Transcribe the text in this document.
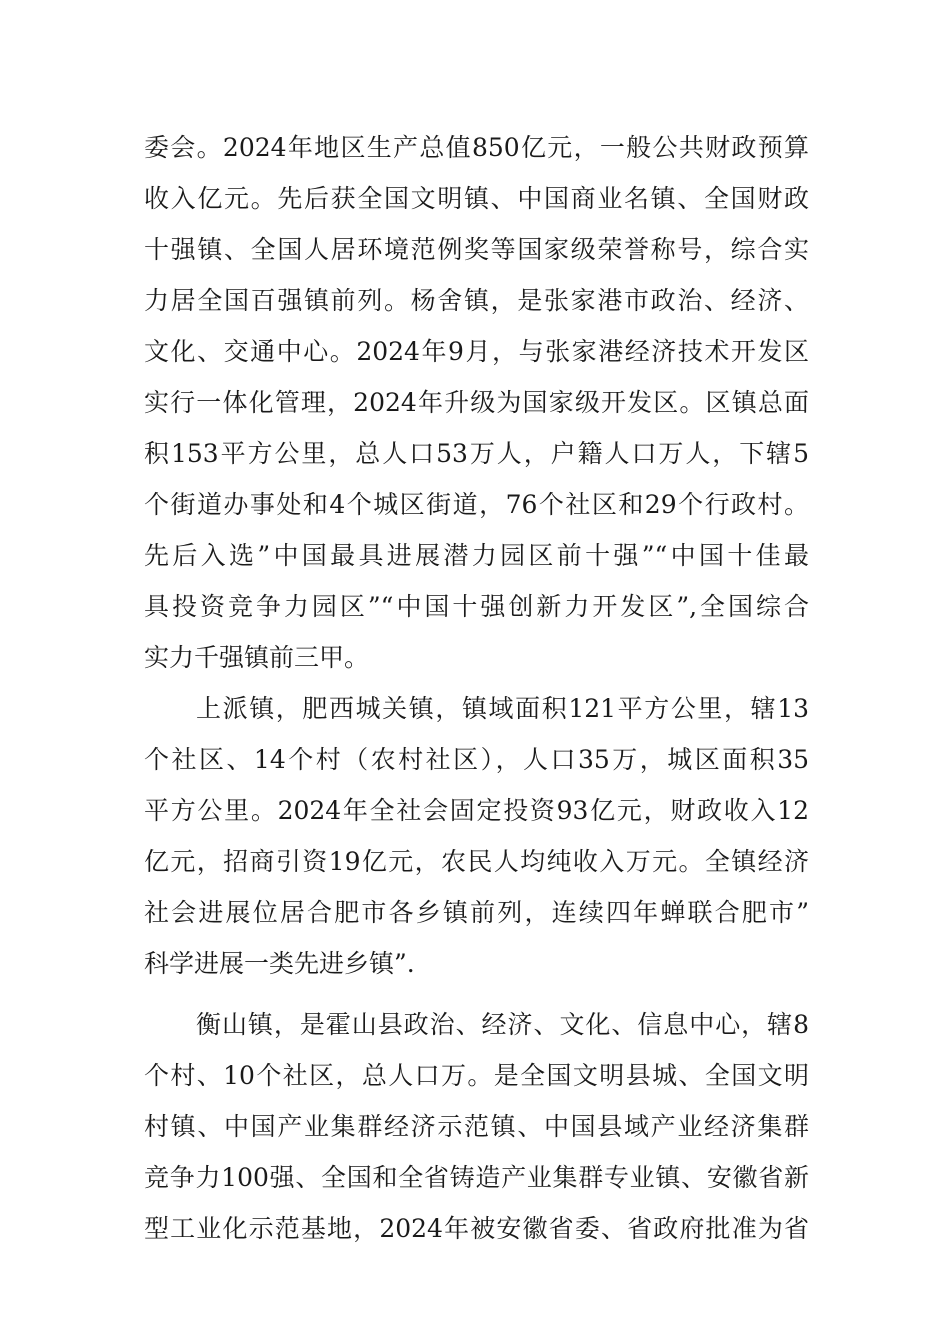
委会。2024年地区生产总值850亿元，一般公共财政预算
收入亿元。先后获全国文明镇、中国商业名镇、全国财政
十强镇、全国人居环境范例奖等国家级荣誉称号，综合实
力居全国百强镇前列。杨舍镇，是张家港市政治、经济、
文化、交通中心。2024年9月，与张家港经济技术开发区
实行一体化管理，2024年升级为国家级开发区。区镇总面
积153平方公里，总人口53万人，户籍人口万人，下辖5
个街道办事处和4个城区街道，76个社区和29个行政村。
先后入选”中国最具进展潜力园区前十强”“中国十佳最
具投资竞争力园区”“中国十强创新力开发区”,全国综合
实力千强镇前三甲。
上派镇，肥西城关镇，镇域面积121平方公里，辖13
个社区、14个村（农村社区），人口35万，城区面积35
平方公里。2024年全社会固定投资93亿元，财政收入12
亿元，招商引资19亿元，农民人均纯收入万元。全镇经济
社会进展位居合肥市各乡镇前列，连续四年蝉联合肥市”
科学进展一类先进乡镇”.
衡山镇，是霍山县政治、经济、文化、信息中心，辖8
个村、10个社区，总人口万。是全国文明县城、全国文明
村镇、中国产业集群经济示范镇、中国县域产业经济集群
竞争力100强、全国和全省铸造产业集群专业镇、安徽省新
型工业化示范基地，2024年被安徽省委、省政府批准为省
